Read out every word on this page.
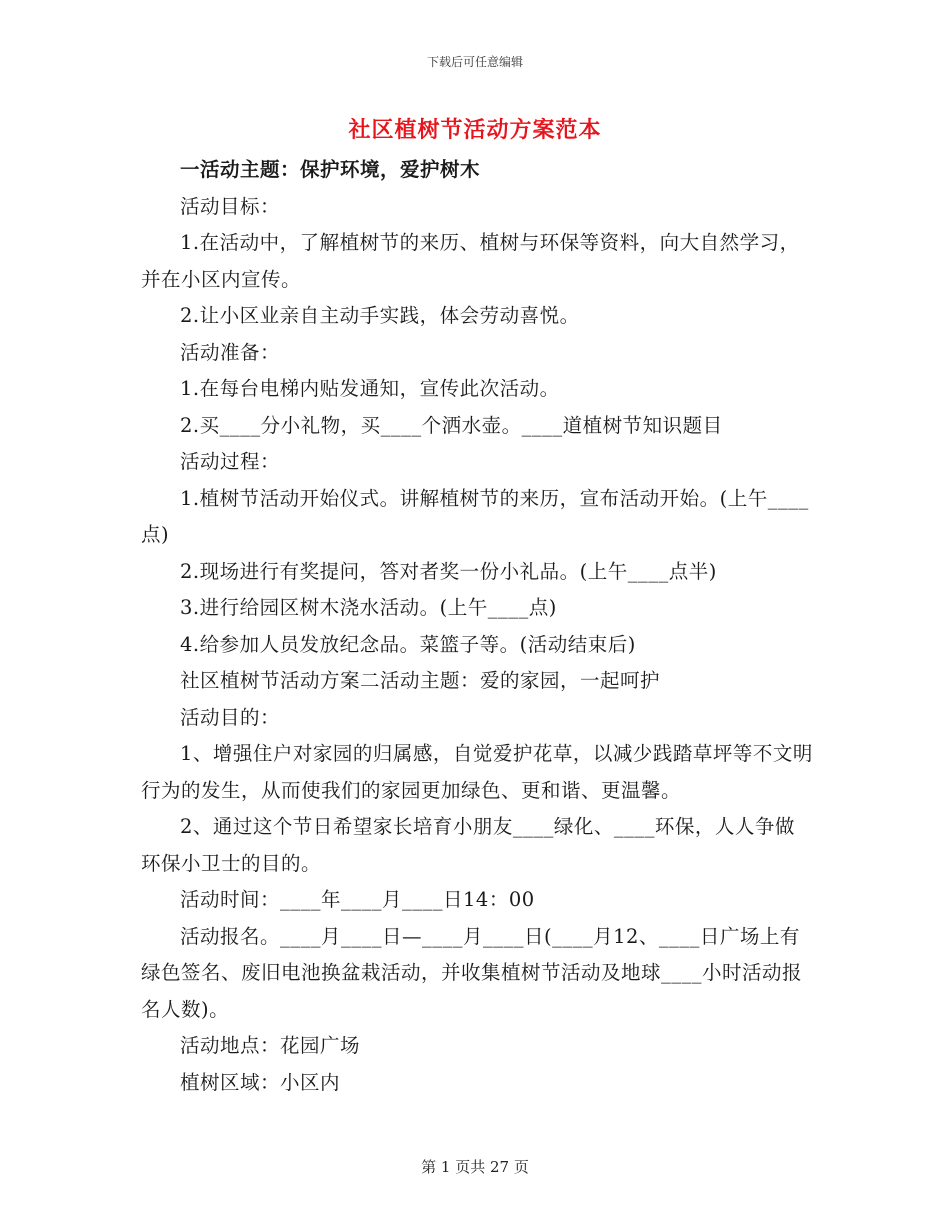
下载后可任意编辑
社区植树节活动方案范本

一活动主题：保护环境，爱护树木

活动目标：

1.在活动中，了解植树节的来历、植树与环保等资料，向大自然学习，并在小区内宣传。

2.让小区业亲自主动手实践，体会劳动喜悦。

活动准备：

1.在每台电梯内贴发通知，宣传此次活动。

2.买____分小礼物，买____个洒水壶。____道植树节知识题目

活动过程：

1.植树节活动开始仪式。讲解植树节的来历，宣布活动开始。(上午____点)

2.现场进行有奖提问，答对者奖一份小礼品。(上午____点半)

3.进行给园区树木浇水活动。(上午____点)

4.给参加人员发放纪念品。菜篮子等。(活动结束后)

社区植树节活动方案二活动主题：爱的家园，一起呵护

活动目的：

1、增强住户对家园的归属感，自觉爱护花草，以减少践踏草坪等不文明行为的发生，从而使我们的家园更加绿色、更和谐、更温馨。

2、通过这个节日希望家长培育小朋友____绿化、____环保，人人争做环保小卫士的目的。

活动时间：____年____月____日14：00

活动报名。____月____日—____月____日(____月12、____日广场上有绿色签名、废旧电池换盆栽活动，并收集植树节活动及地球____小时活动报名人数)。

活动地点：花园广场

植树区域：小区内

第 1 页共 27 页
